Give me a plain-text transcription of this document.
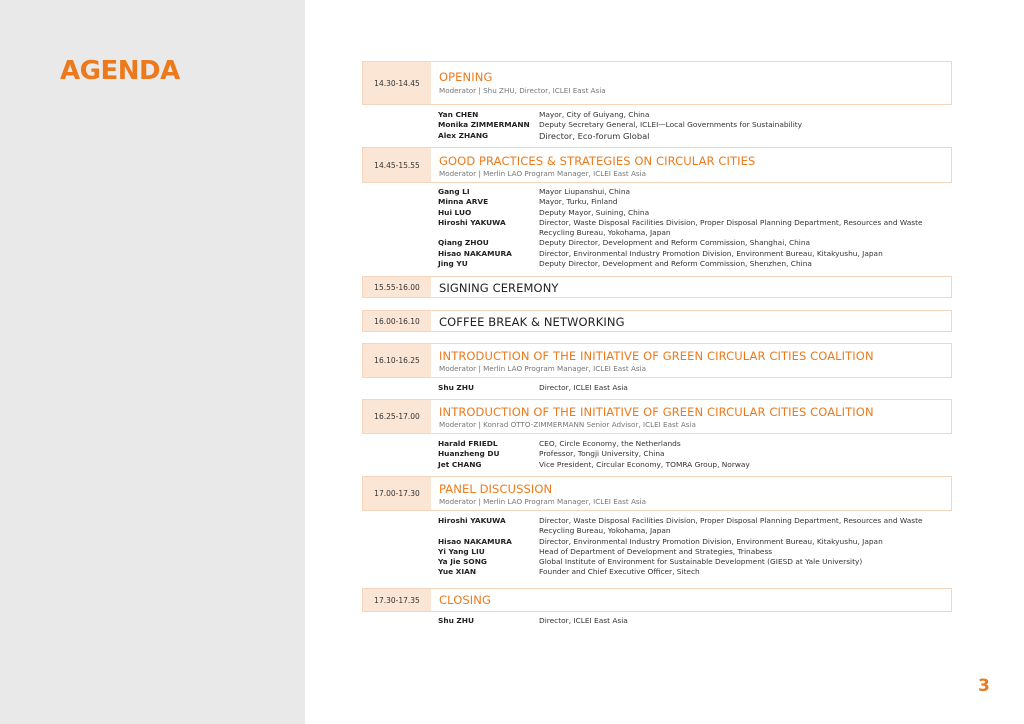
AGENDA
3
14.30-14.45	OPENING
Moderator | Shu ZHU, Director, ICLEI East Asia
Yan CHEN	Mayor, City of Guiyang, China
Monika ZIMMERMANN	Deputy Secretary General, ICLEI—Local Governments for Sustainability
Alex ZHANG	Director, Eco-forum Global
14.45-15.55	GOOD PRACTICES & STRATEGIES ON CIRCULAR CITIES
Moderator | Merlin LAO Program Manager, ICLEI East Asia
Gang LI	Mayor Liupanshui, China
Minna ARVE	Mayor, Turku, Finland
Hui LUO	Deputy Mayor, Suining, China
Hiroshi YAKUWA	Director, Waste Disposal Facilities Division, Proper Disposal Planning Department, Resources and Waste Recycling Bureau, Yokohama, Japan
Qiang ZHOU	Deputy Director, Development and Reform Commission, Shanghai, China
Hisao NAKAMURA	Director, Environmental Industry Promotion Division, Environment Bureau, Kitakyushu, Japan
Jing YU	Deputy Director, Development and Reform Commission, Shenzhen, China
15.55-16.00	SIGNING CEREMONY
16.00-16.10	COFFEE BREAK & NETWORKING
16.10-16.25	INTRODUCTION OF THE INITIATIVE OF GREEN CIRCULAR CITIES COALITION
Moderator | Merlin LAO Program Manager, ICLEI East Asia
Shu ZHU	Director, ICLEI East Asia
16.25-17.00	INTRODUCTION OF THE INITIATIVE OF GREEN CIRCULAR CITIES COALITION
Moderator | Konrad OTTO-ZIMMERMANN Senior Advisor, ICLEI East Asia
Harald FRIEDL	CEO, Circle Economy, the Netherlands
Huanzheng DU	Professor, Tongji University, China
Jet CHANG	Vice President, Circular Economy, TOMRA Group, Norway
17.00-17.30	PANEL DISCUSSION
Moderator | Merlin LAO Program Manager, ICLEI East Asia
Hiroshi YAKUWA	Director, Waste Disposal Facilities Division, Proper Disposal Planning Department, Resources and Waste Recycling Bureau, Yokohama, Japan
Hisao NAKAMURA	Director, Environmental Industry Promotion Division, Environment Bureau, Kitakyushu, Japan
Yi Yang LIU	Head of Department of Development and Strategies, Trinabess
Ya Jie SONG	Global Institute of Environment for Sustainable Development (GIESD at Yale University)
Yue XIAN	Founder and Chief Executive Officer, Sitech
17.30-17.35	CLOSING
Shu ZHU	Director, ICLEI East Asia
